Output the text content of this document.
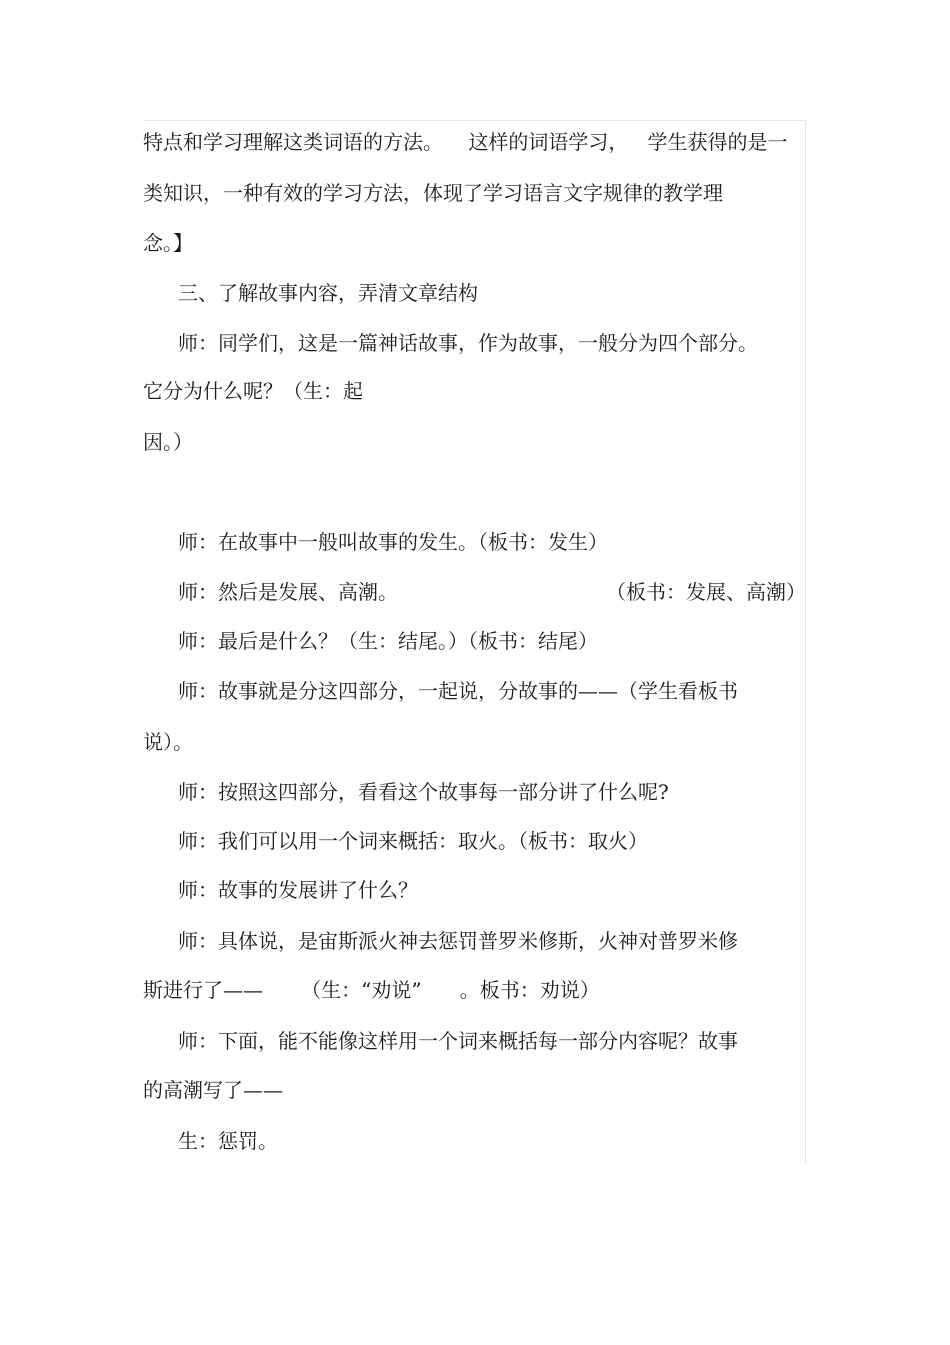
特点和学习理解这类词语的方法。    这样的词语学习，   学生获得的是一
类知识，一种有效的学习方法，体现了学习语言文字规律的教学理
念。】
三、了解故事内容，弄清文章结构
师：同学们，这是一篇神话故事，作为故事，一般分为四个部分。
它分为什么呢？（生：起
因。）
师：在故事中一般叫故事的发生。（板书：发生）
师：然后是发展、高潮。	（板书：发展、高潮）
师：最后是什么？（生：结尾。）（板书：结尾）
师：故事就是分这四部分，一起说，分故事的——（学生看板书
说）。
师：按照这四部分，看看这个故事每一部分讲了什么呢?
师：我们可以用一个词来概括：取火。（板书：取火）
师：故事的发展讲了什么？
师：具体说，是宙斯派火神去惩罚普罗米修斯，火神对普罗米修
斯进行了——      （生：“劝说”      。板书：劝说）
师：下面，能不能像这样用一个词来概括每一部分内容呢？故事
的高潮写了——
生：惩罚。
